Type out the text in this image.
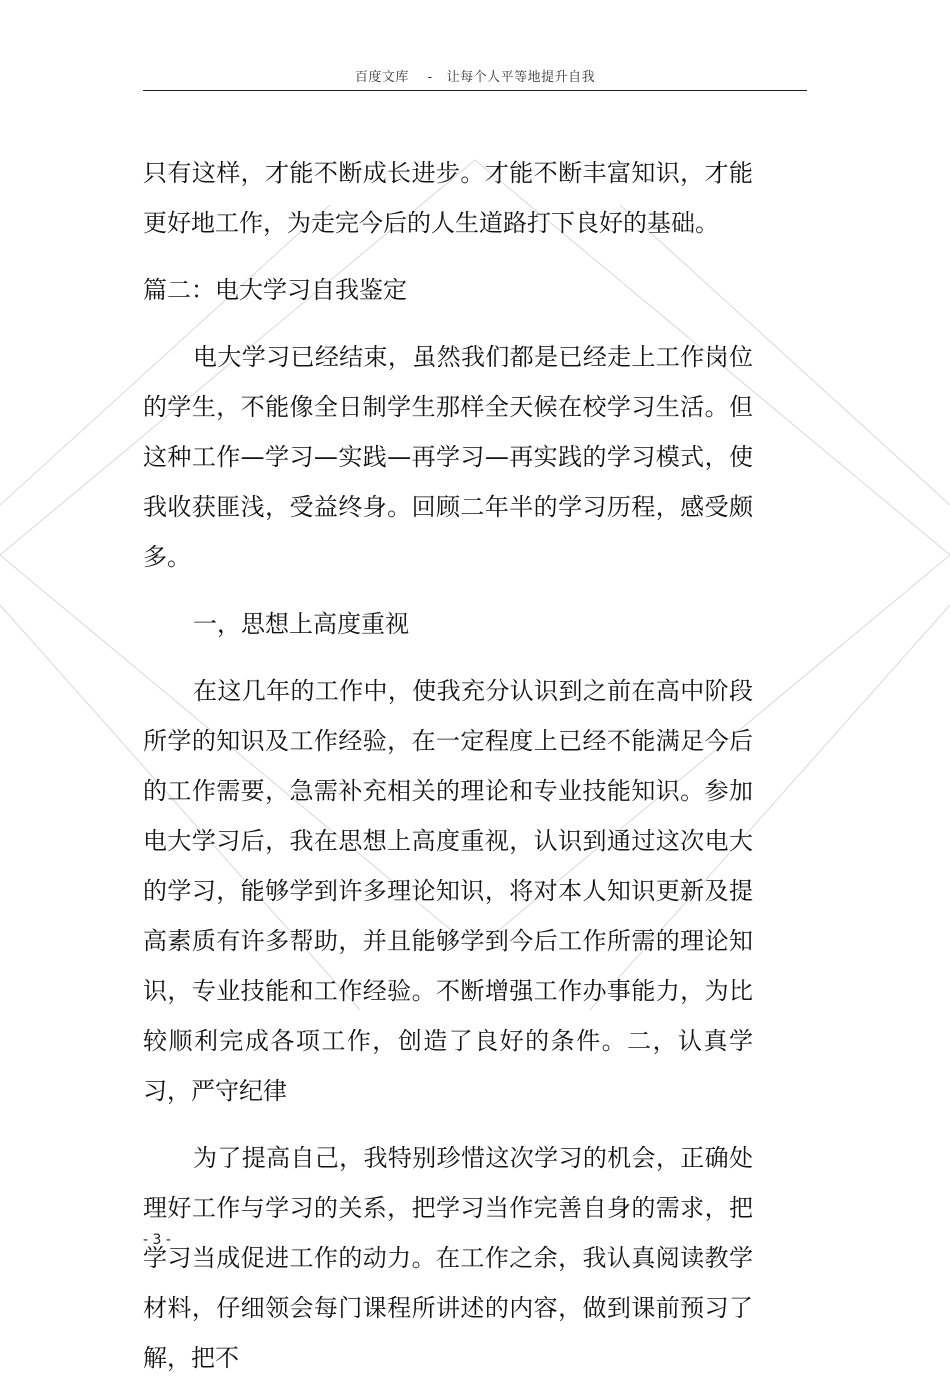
百度文库 - 让每个人平等地提升自我

只有这样，才能不断成长进步。才能不断丰富知识，才能更好地工作，为走完今后的人生道路打下良好的基础。

篇二：电大学习自我鉴定

电大学习已经结束，虽然我们都是已经走上工作岗位的学生，不能像全日制学生那样全天候在校学习生活。但这种工作—学习—实践—再学习—再实践的学习模式，使我收获匪浅，受益终身。回顾二年半的学习历程，感受颇多。

一，思想上高度重视

在这几年的工作中，使我充分认识到之前在高中阶段所学的知识及工作经验，在一定程度上已经不能满足今后的工作需要，急需补充相关的理论和专业技能知识。参加电大学习后，我在思想上高度重视，认识到通过这次电大的学习，能够学到许多理论知识，将对本人知识更新及提高素质有许多帮助，并且能够学到今后工作所需的理论知识，专业技能和工作经验。不断增强工作办事能力，为比较顺利完成各项工作，创造了良好的条件。二，认真学习，严守纪律

为了提高自己，我特别珍惜这次学习的机会，正确处理好工作与学习的关系，把学习当作完善自身的需求，把学习当成促进工作的动力。在工作之余，我认真阅读教学材料，仔细领会每门课程所讲述的内容，做到课前预习了解，把不

- 3 -
